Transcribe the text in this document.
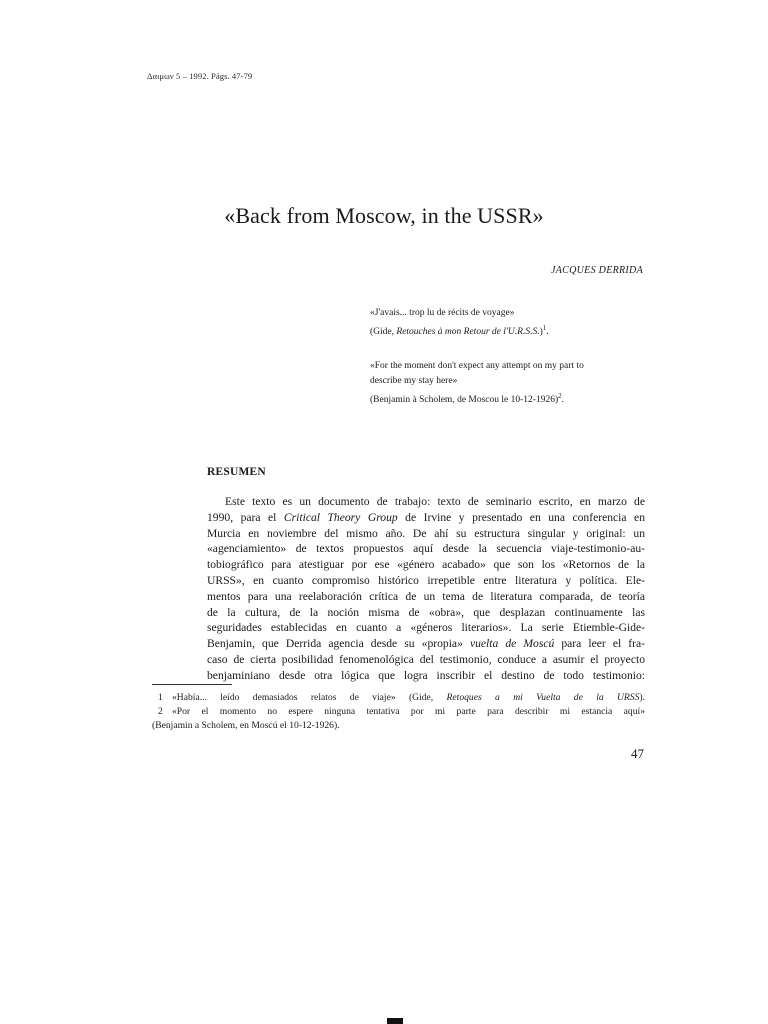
Δαιμων 5 – 1992. Págs. 47-79
«Back from Moscow, in the USSR»
JACQUES DERRIDA
«J'avais... trop lu de récits de voyage»
(Gide, Retouches à mon Retour de l'U.R.S.S.)$^1$.
«For the moment don't expect any attempt on my part to
describe my stay here»
(Benjamin à Scholem, de Moscou le 10-12-1926)$^2$.
RESUMEN
Este texto es un documento de trabajo: texto de seminario escrito, en marzo de
1990, para el Critical Theory Group de Irvine y presentado en una conferencia en
Murcia en noviembre del mismo año. De ahí su estructura singular y original: un
«agenciamiento» de textos propuestos aquí desde la secuencia viaje-testimonio-au-
tobiográfico para atestiguar por ese «género acabado» que son los «Retornos de la
URSS», en cuanto compromiso histórico irrepetible entre literatura y política. Ele-
mentos para una reelaboración crítica de un tema de literatura comparada, de teoría
de la cultura, de la noción misma de «obra», que desplazan continuamente las
seguridades establecidas en cuanto a «géneros literarios». La serie Etiemble-Gide-
Benjamin, que Derrida agencia desde su «propia» vuelta de Moscú para leer el fra-
caso de cierta posibilidad fenomenológica del testimonio, conduce a asumir el proyecto
benjaminiano desde otra lógica que logra inscribir el destino de todo testimonio:
1 «Había... leído demasiados relatos de viaje» (Gide, Retoques a mi Vuelta de la URSS).
2 «Por el momento no espere ninguna tentativa por mi parte para describir mi estancia aquí»
(Benjamin a Scholem, en Moscú el 10-12-1926).
47
